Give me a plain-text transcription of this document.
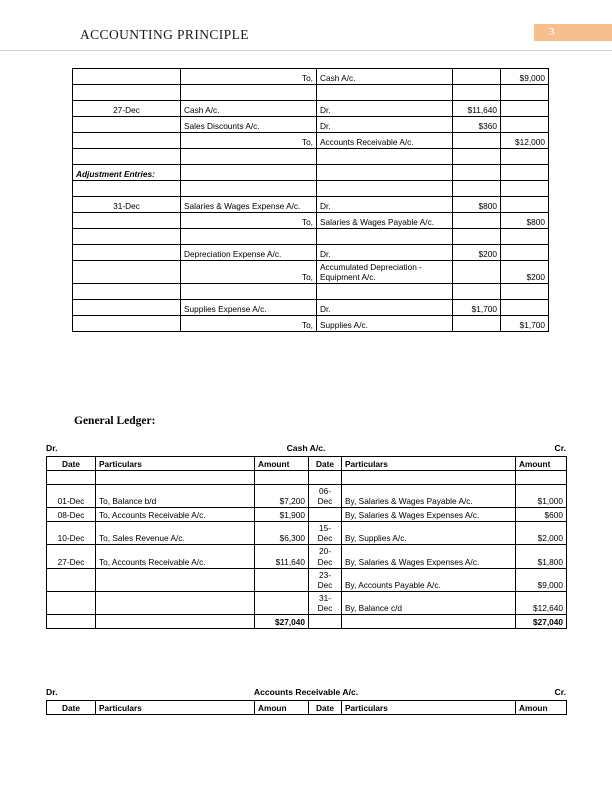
ACCOUNTING PRINCIPLE	3
	To,	Cash A/c.		$9,000

27-Dec	Cash A/c.	Dr.	$11,640	
	Sales Discounts A/c.	Dr.	$360	
	To,	Accounts Receivable A/c.		$12,000

Adjustment Entries:				

31-Dec	Salaries & Wages Expense A/c.	Dr.	$800	
	To,	Salaries & Wages Payable A/c.		$800

	Depreciation Expense A/c.	Dr.	$200	
	To,	Accumulated Depreciation - Equipment A/c.		$200

	Supplies Expense A/c.	Dr.	$1,700	
	To,	Supplies A/c.		$1,700
General Ledger:
Dr.	Cash A/c.	Cr.
Date	Particulars	Amount	Date	Particulars	Amount

01-Dec	To, Balance b/d	$7,200	06-Dec	By, Salaries & Wages Payable A/c.	$1,000
08-Dec	To, Accounts Receivable A/c.	$1,900		By, Salaries & Wages Expenses A/c.	$600
10-Dec	To, Sales Revenue A/c.	$6,300	15-Dec	By, Supplies A/c.	$2,000
27-Dec	To, Accounts Receivable A/c.	$11,640	20-Dec	By, Salaries & Wages Expenses A/c.	$1,800
			23-Dec	By, Accounts Payable A/c.	$9,000
			31-Dec	By, Balance c/d	$12,640
		$27,040			$27,040
Dr.	Accounts Receivable A/c.	Cr.
Date	Particulars	Amoun	Date	Particulars	Amoun
